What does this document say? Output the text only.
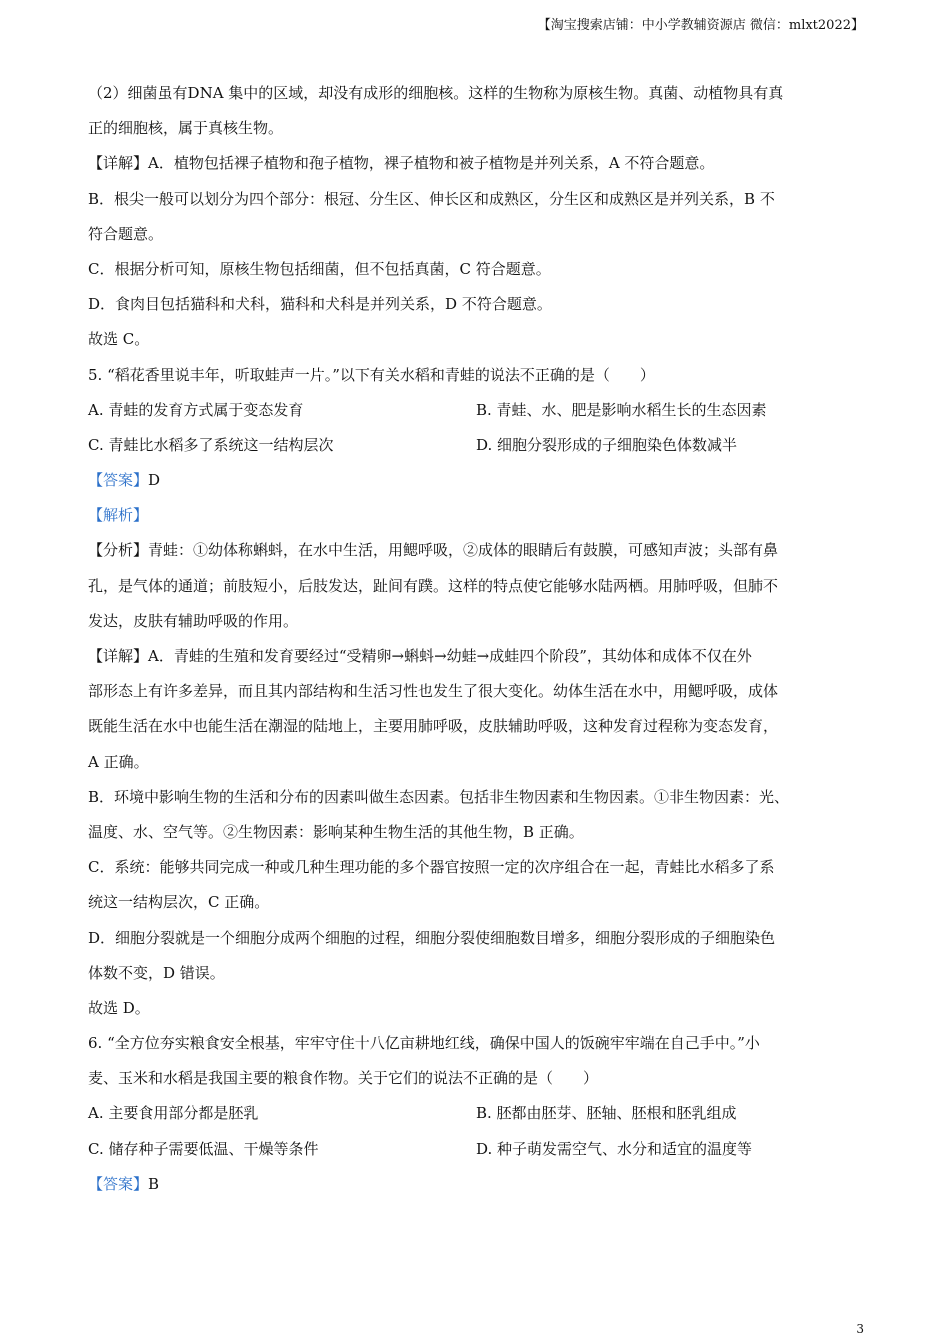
【淘宝搜索店铺：中小学教辅资源店 微信：mlxt2022】
（2）细菌虽有DNA 集中的区域，却没有成形的细胞核。这样的生物称为原核生物。真菌、动植物具有真
正的细胞核，属于真核生物。
【详解】A．植物包括裸子植物和孢子植物，裸子植物和被子植物是并列关系，A 不符合题意。
B．根尖一般可以划分为四个部分：根冠、分生区、伸长区和成熟区，分生区和成熟区是并列关系，B 不
符合题意。
C．根据分析可知，原核生物包括细菌，但不包括真菌，C 符合题意。
D．食肉目包括猫科和犬科，猫科和犬科是并列关系，D 不符合题意。
故选 C。
5. “稻花香里说丰年，听取蛙声一片。”以下有关水稻和青蛙的说法不正确的是（　　）
A. 青蛙的发育方式属于变态发育	B. 青蛙、水、肥是影响水稻生长的生态因素
C. 青蛙比水稻多了系统这一结构层次	D. 细胞分裂形成的子细胞染色体数减半
【答案】D
【解析】
【分析】青蛙：①幼体称蝌蚪，在水中生活，用鳃呼吸，②成体的眼睛后有鼓膜，可感知声波；头部有鼻
孔，是气体的通道；前肢短小，后肢发达，趾间有蹼。这样的特点使它能够水陆两栖。用肺呼吸，但肺不
发达，皮肤有辅助呼吸的作用。
【详解】A．青蛙的生殖和发育要经过“受精卵→蝌蚪→幼蛙→成蛙四个阶段”，其幼体和成体不仅在外
部形态上有许多差异，而且其内部结构和生活习性也发生了很大变化。幼体生活在水中，用鳃呼吸，成体
既能生活在水中也能生活在潮湿的陆地上，主要用肺呼吸，皮肤辅助呼吸，这种发育过程称为变态发育，
A 正确。
B．环境中影响生物的生活和分布的因素叫做生态因素。包括非生物因素和生物因素。①非生物因素：光、
温度、水、空气等。②生物因素：影响某种生物生活的其他生物，B 正确。
C．系统：能够共同完成一种或几种生理功能的多个器官按照一定的次序组合在一起，青蛙比水稻多了系
统这一结构层次，C 正确。
D．细胞分裂就是一个细胞分成两个细胞的过程，细胞分裂使细胞数目增多，细胞分裂形成的子细胞染色
体数不变，D 错误。
故选 D。
6. “全方位夯实粮食安全根基，牢牢守住十八亿亩耕地红线，确保中国人的饭碗牢牢端在自己手中。”小
麦、玉米和水稻是我国主要的粮食作物。关于它们的说法不正确的是（　　）
A. 主要食用部分都是胚乳	B. 胚都由胚芽、胚轴、胚根和胚乳组成
C. 储存种子需要低温、干燥等条件	D. 种子萌发需空气、水分和适宜的温度等
【答案】B
3
